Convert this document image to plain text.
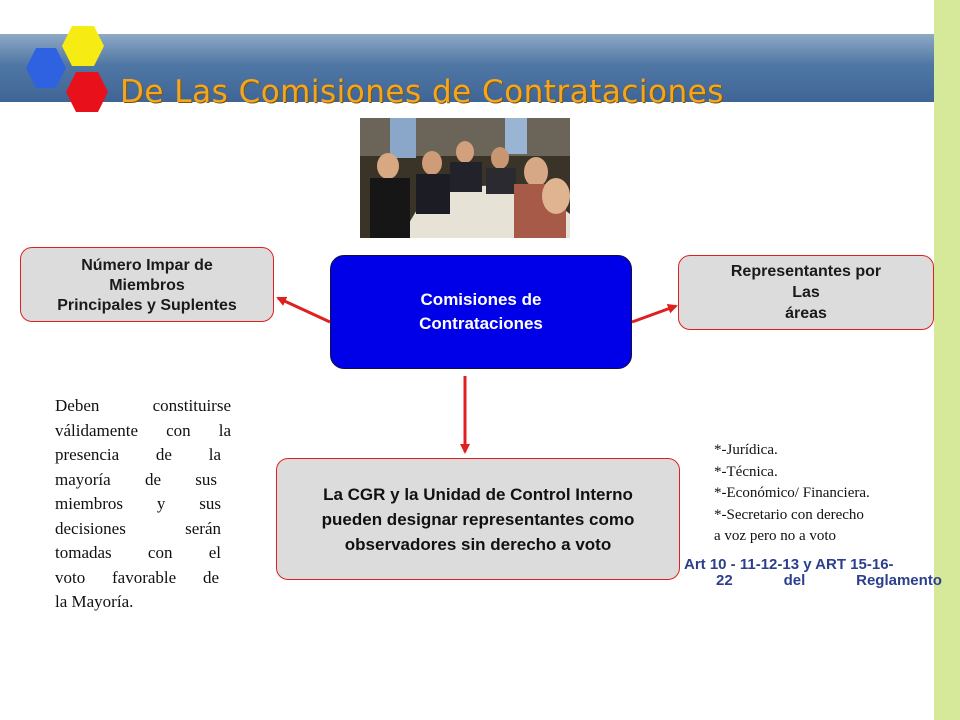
De Las Comisiones de Contrataciones
Número Impar de
Miembros
Principales y Suplentes	Comisiones de
Contrataciones
Representantes por
Las
áreas
La CGR y la Unidad de Control Interno
pueden designar representantes como
observadores sin derecho a voto
Deben constituirse
válidamente con la
presencia de la
mayoría de sus
miembros y sus
decisiones serán
tomadas con el
voto favorable de
la Mayoría.
*-Jurídica.
*-Técnica.
*-Económico/ Financiera.
*-Secretario con derecho
a voz pero no a voto
Art 10 - 11-12-13 y ART 15-16-
22	del	Reglamento
